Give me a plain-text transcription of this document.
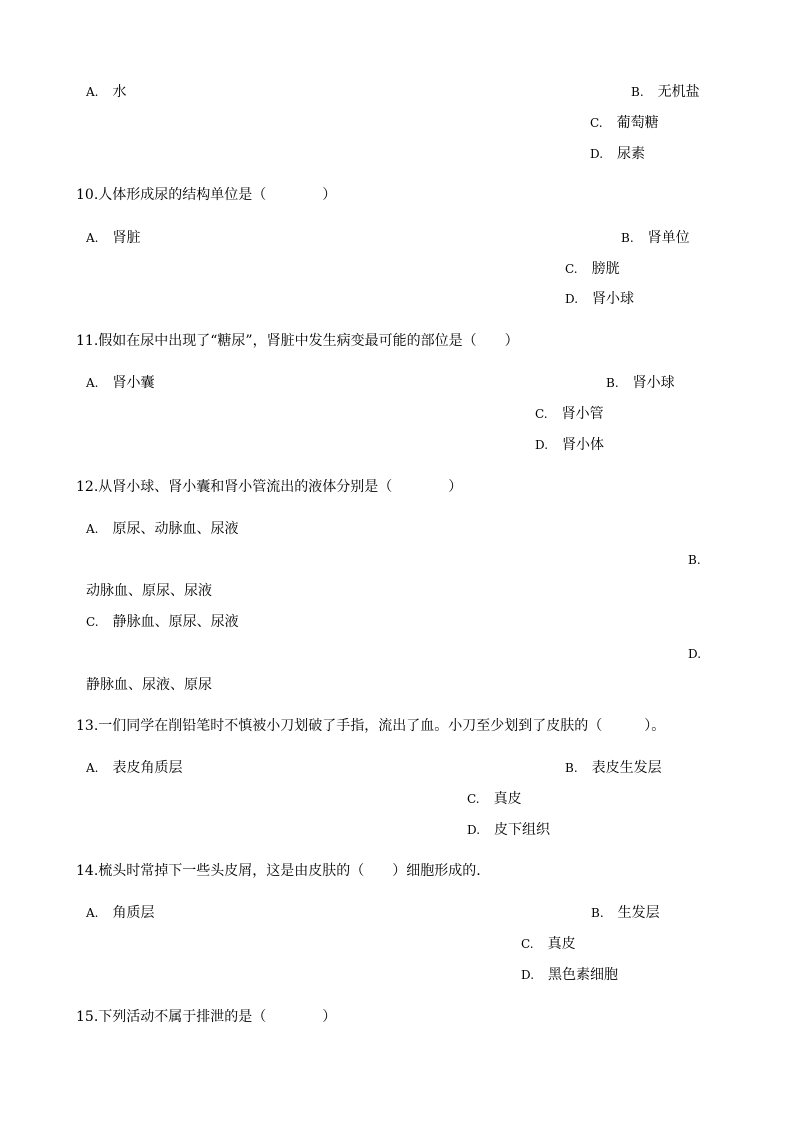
A. 水	B. 无机盐
C. 葡萄糖
D. 尿素
10.人体形成尿的结构单位是（　　　　）
A. 肾脏	B. 肾单位
C. 膀胱
D. 肾小球
11.假如在尿中出现了“糖尿”，肾脏中发生病变最可能的部位是（　　）
A. 肾小囊	B. 肾小球
C. 肾小管
D. 肾小体
12.从肾小球、肾小囊和肾小管流出的液体分别是（　　　　）
A. 原尿、动脉血、尿液
B.
动脉血、原尿、尿液
C. 静脉血、原尿、尿液
D.
静脉血、尿液、原尿
13.一们同学在削铅笔时不慎被小刀划破了手指，流出了血。小刀至少划到了皮肤的（　　　）。
A. 表皮角质层	B. 表皮生发层
C. 真皮
D. 皮下组织
14.梳头时常掉下一些头皮屑，这是由皮肤的（　　）细胞形成的.
A. 角质层	B. 生发层
C. 真皮
D. 黑色素细胞
15.下列活动不属于排泄的是（　　　　）
